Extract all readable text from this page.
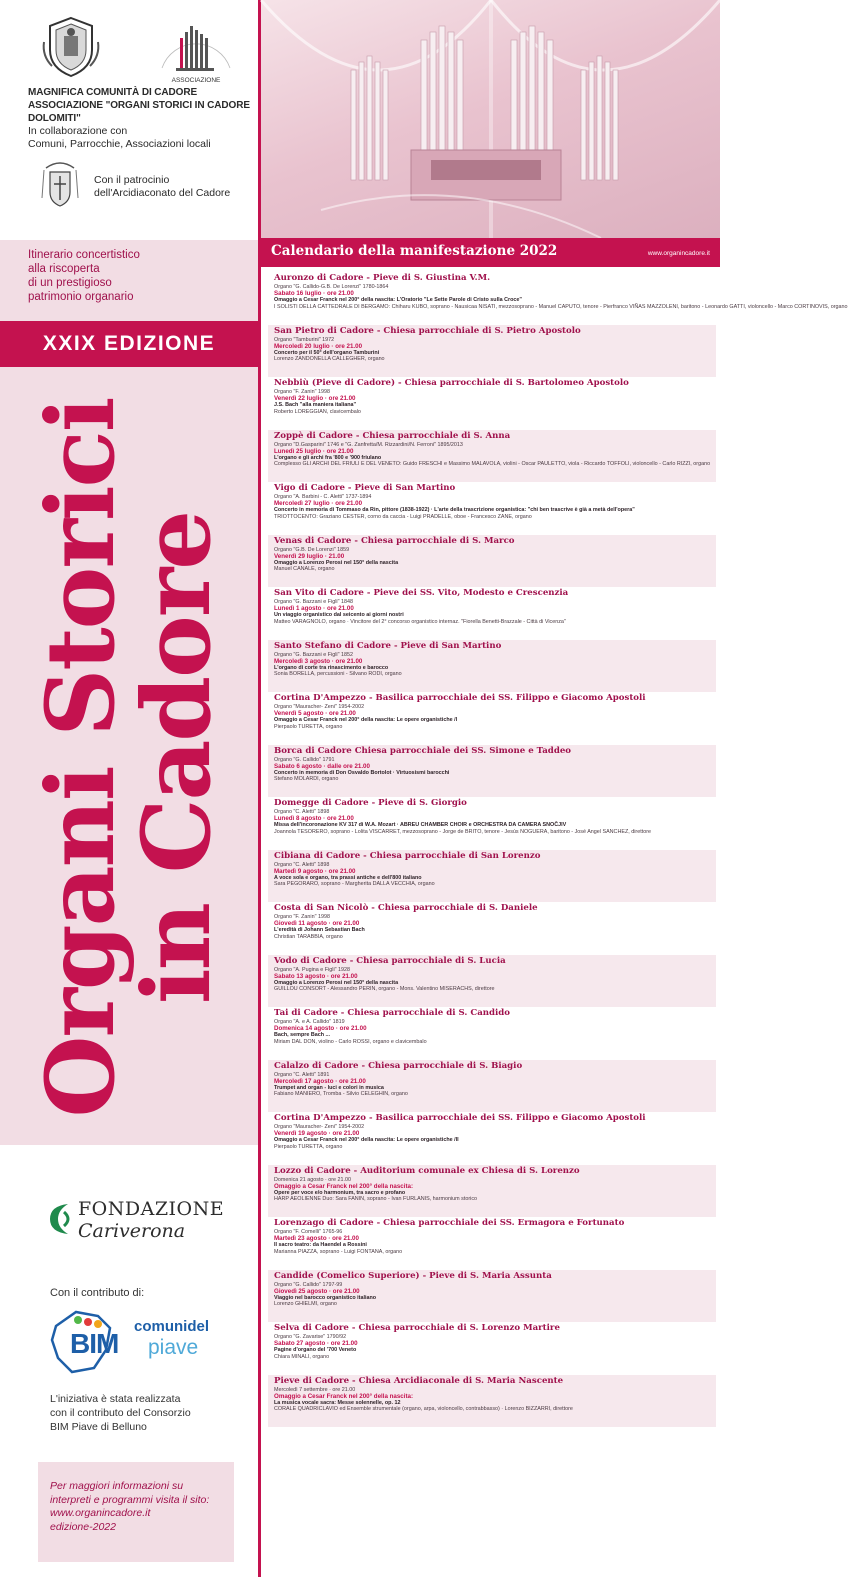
ASSOCIAZIONE
MAGNIFICA COMUNITÀ DI CADORE
ASSOCIAZIONE "ORGANI STORICI IN CADORE DOLOMITI"
In collaborazione con
Comuni, Parrocchie, Associazioni locali
Con il patrocinio
dell'Arcidiaconato del Cadore
Itinerario concertistico
alla riscoperta
di un prestigioso
patrimonio organario
XXIX EDIZIONE
Organi Storici
in Cadore
FONDAZIONE
Cariverona
Con il contributo di:
BIM
comunidel
piave
L'iniziativa è stata realizzata
con il contributo del Consorzio
BIM Piave di Belluno
Per maggiori informazioni su
interpreti e programmi visita il sito:
www.organincadore.it
edizione-2022
Calendario della manifestazione 2022	www.organincadore.it
Auronzo di Cadore - Pieve di S. Giustina V.M.
Organo "G. Callido-G.B. De Lorenzi" 1780-1864
Sabato 16 luglio · ore 21.00
Omaggio a Cesar Franck nel 200° della nascita: L'Oratorio "Le Sette Parole di Cristo sulla Croce"
I SOLISTI DELLA CATTEDRALE DI BERGAMO: Chiharu KUBO, soprano - Nausicaa NISATI, mezzosoprano - Manuel CAPUTO, tenore - Pierfranco VIÑAS MAZZOLENI, baritono - Leonardo GATTI, violoncello - Marco CORTINOVIS, organo
San Pietro di Cadore - Chiesa parrocchiale di S. Pietro Apostolo
Organo "Tamburini" 1972
Mercoledì 20 luglio · ore 21.00
Concerto per il 50° dell'organo Tamburini
Lorenzo ZANDONELLA CALLEGHER, organo
Nebbiù (Pieve di Cadore) - Chiesa parrocchiale di S. Bartolomeo Apostolo
Organo "F. Zanin" 1998
Venerdì 22 luglio · ore 21.00
J.S. Bach "alla maniera italiana"
Roberto LOREGGIAN, clavicembalo
Zoppè di Cadore - Chiesa parrocchiale di S. Anna
Organo "D.Gasparini" 1746 e "G. Zanfretta/M. Rizzardini/N. Ferroni" 1895/2013
Lunedì 25 luglio · ore 21.00
L'organo e gli archi fra '800 e '900 friulano
Complesso GLI ARCHI DEL FRIULI E DEL VENETO: Guido FRESCHI e Massimo MALAVOLA, violini - Oscar PAULETTO, viola - Riccardo TOFFOLI, violoncello - Carlo RIZZI, organo
Vigo di Cadore - Pieve di San Martino
Organo "A. Barbini - C. Aletti" 1737-1894
Mercoledì 27 luglio · ore 21.00
Concerto in memoria di Tommaso da Rin, pittore (1838-1922) · L'arte della trascrizione organistica: "chi ben trascrive è già a metà dell'opera"
TRIOTTOCENTO: Graziano CESTER, corno da caccia - Luigi PRADELLE, oboe - Francesco ZANE, organo
Venas di Cadore - Chiesa parrocchiale di S. Marco
Organo "G.B. De Lorenzi" 1859
Venerdì 29 luglio · 21.00
Omaggio a Lorenzo Perosi nel 150° della nascita
Manuel CANALE, organo
San Vito di Cadore - Pieve dei SS. Vito, Modesto e Crescenzia
Organo "G. Bazzani e Figli" 1848
Lunedì 1 agosto · ore 21.00
Un viaggio organistico dal seicento ai giorni nostri
Matteo VARAGNOLO, organo · Vincitore del 2° concorso organistico internaz. "Fiorella Benetti-Brazzale - Città di Vicenza"
Santo Stefano di Cadore - Pieve di San Martino
Organo "G. Bazzani e Figli" 1852
Mercoledì 3 agosto · ore 21.00
L'organo di corte tra rinascimento e barocco
Sonia BORELLA, percussioni - Silvano RODI, organo
Cortina D'Ampezzo - Basilica parrocchiale dei SS. Filippo e Giacomo Apostoli
Organo "Mauracher- Zeni" 1954-2002
Venerdì 5 agosto · ore 21.00
Omaggio a Cesar Franck nel 200° della nascita: Le opere organistiche /I
Pierpaolo TURETTA, organo
Borca di Cadore Chiesa parrocchiale dei SS. Simone e Taddeo
Organo "G. Callido" 1791
Sabato 6 agosto · dalle ore 21.00
Concerto in memoria di Don Osvaldo Bortolot · Virtuosismi barocchi
Stefano MOLARDI, organo
Domegge di Cadore - Pieve di S. Giorgio
Organo "C. Aletti" 1898
Lunedì 8 agosto · ore 21.00
Missa dell'incoronazione KV 317 di W.A. Mozart · ABREU CHAMBER CHOIR e ORCHESTRA DA CAMERA SNOČJIV
Joannola TESORERO, soprano - Lolita VISCARRET, mezzosoprano - Jorge de BRITO, tenore - Jesús NOGUERA, baritono - José Angel SANCHEZ, direttore
Cibiana di Cadore - Chiesa parrocchiale di San Lorenzo
Organo "C. Aletti" 1898
Martedì 9 agosto · ore 21.00
A voce sola e organo, tra prassi antiche e dell'800 italiano
Sara PEGORARO, soprano - Margherita DALLA VECCHIA, organo
Costa di San Nicolò - Chiesa parrocchiale di S. Daniele
Organo "F. Zanin" 1998
Giovedì 11 agosto · ore 21.00
L'eredità di Johann Sebastian Bach
Christian TARABBIA, organo
Vodo di Cadore - Chiesa parrocchiale di S. Lucia
Organo "A. Pugina e Figli" 1928
Sabato 13 agosto · ore 21.00
Omaggio a Lorenzo Perosi nel 150° della nascita
GUILLOU CONSORT - Alessandro PERIN, organo - Mons. Valentino MISERACHS, direttore
Tai di Cadore - Chiesa parrocchiale di S. Candido
Organo "A. e A. Callido" 1819
Domenica 14 agosto · ore 21.00
Bach, sempre Bach ...
Miriam DAL DON, violino - Carlo ROSSI, organo e clavicembalo
Calalzo di Cadore - Chiesa parrocchiale di S. Biagio
Organo "C. Aletti" 1891
Mercoledì 17 agosto · ore 21.00
Trumpet and organ - luci e colori in musica
Fabiano MANIERO, Tromba - Silvio CELEGHIN, organo
Cortina D'Ampezzo - Basilica parrocchiale dei SS. Filippo e Giacomo Apostoli
Organo "Mauracher- Zeni" 1954-2002
Venerdì 19 agosto · ore 21.00
Omaggio a Cesar Franck nel 200° della nascita: Le opere organistiche /II
Pierpaolo TURETTA, organo
Lozzo di Cadore - Auditorium comunale ex Chiesa di S. Lorenzo
Domenica 21 agosto · ore 21.00
Omaggio a Cesar Franck nel 200° della nascita:
Opere per voce e/o harmonium, tra sacro e profano
HARP AEOLIENNE Duo: Sara FANIN, soprano - Ivan FURLANIS, harmonium storico
Lorenzago di Cadore - Chiesa parrocchiale dei SS. Ermagora e Fortunato
Organo "F. Comelli" 1765-96
Martedì 23 agosto · ore 21.00
Il sacro teatro: da Haendel a Rossini
Marianna PIAZZA, soprano - Luigi FONTANA, organo
Candide (Comelico Superiore) - Pieve di S. Maria Assunta
Organo "G. Callido" 1797-99
Giovedì 25 agosto · ore 21.00
Viaggio nel barocco organistico italiano
Lorenzo GHIELMI, organo
Selva di Cadore - Chiesa parrocchiale di S. Lorenzo Martire
Organo "G. Zavarise" 1790/92
Sabato 27 agosto · ore 21.00
Pagine d'organo del '700 Veneto
Chiara MINALI, organo
Pieve di Cadore - Chiesa Arcidiaconale di S. Maria Nascente
Mercoledì 7 settembre · ore 21.00
Omaggio a Cesar Franck nel 200° della nascita:
La musica vocale sacra: Messe solennelle, op. 12
CORALE QUADRICLAVIO ed Ensemble strumentale (organo, arpa, violoncello, contrabbasso) · Lorenzo BIZZARRI, direttore
